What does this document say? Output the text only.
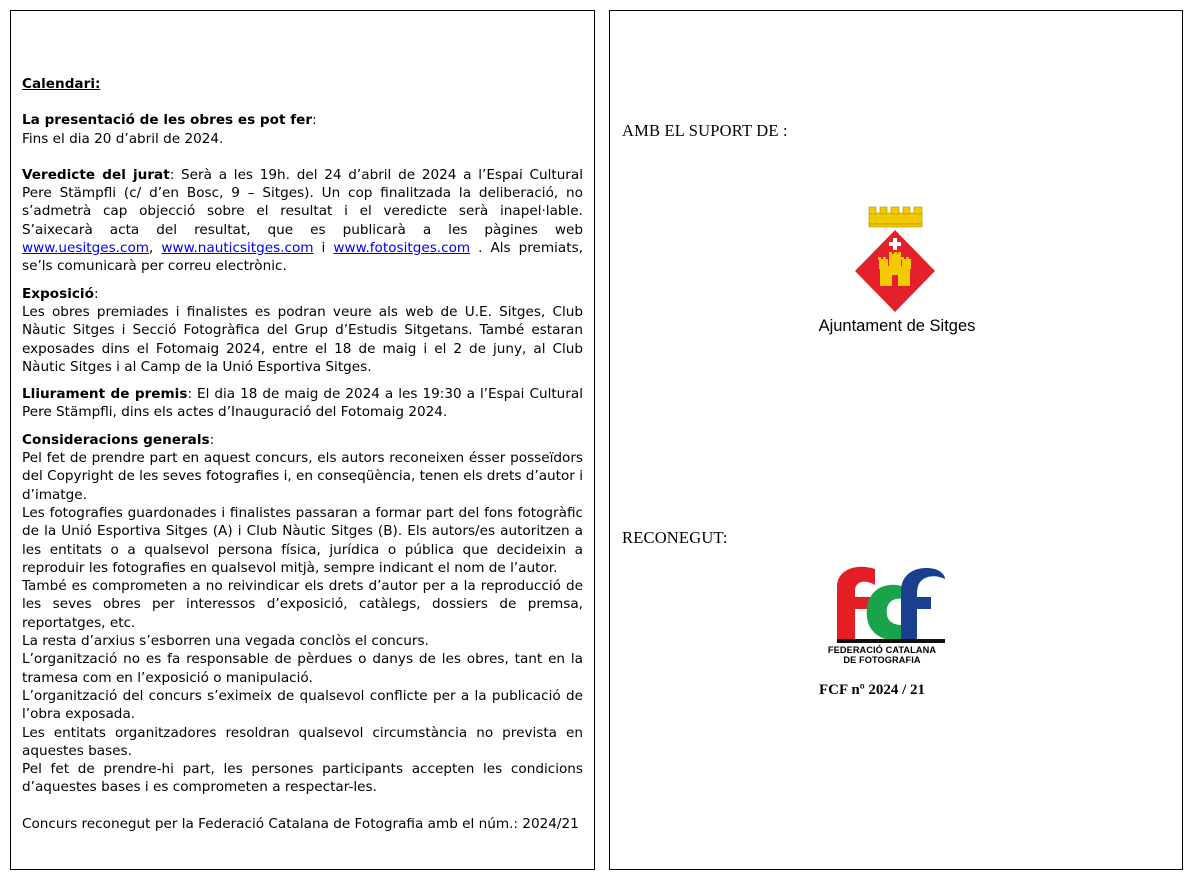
Calendari:

La presentació de les obres es pot fer:

Fins el dia 20 d’abril de 2024.

Veredicte del jurat: Serà a les 19h. del 24 d’abril de 2024 a l’Espai Cultural Pere Stämpfli (c/ d’en Bosc, 9 – Sitges). Un cop finalitzada la deliberació, no s’admetrà cap objecció sobre el resultat i el veredicte serà inapel·lable. S’aixecarà acta del resultat, que es publicarà a les pàgines web www.uesitges.com, www.nauticsitges.com i www.fotositges.com . Als premiats, se’ls comunicarà per correu electrònic.

Exposició:

Les obres premiades i finalistes es podran veure als web de U.E. Sitges, Club Nàutic Sitges i Secció Fotogràfica del Grup d’Estudis Sitgetans. També estaran exposades dins el Fotomaig 2024, entre el 18 de maig i el 2 de juny, al Club Nàutic Sitges i al Camp de la Unió Esportiva Sitges.

Lliurament de premis: El dia 18 de maig de 2024 a les 19:30 a l’Espai Cultural Pere Stämpfli, dins els actes d’Inauguració del Fotomaig 2024.

Consideracions generals:

Pel fet de prendre part en aquest concurs, els autors reconeixen ésser posseïdors del Copyright de les seves fotografies i, en conseqüència, tenen els drets d’autor i d’imatge.

Les fotografies guardonades i finalistes passaran a formar part del fons fotogràfic de la Unió Esportiva Sitges (A) i Club Nàutic Sitges (B). Els autors/es autoritzen a les entitats o a qualsevol persona física, jurídica o pública que decideixin a reproduir les fotografies en qualsevol mitjà, sempre indicant el nom de l’autor.

També es comprometen a no reivindicar els drets d’autor per a la reproducció de les seves obres per interessos d’exposició, catàlegs, dossiers de premsa, reportatges, etc.

La resta d’arxius s’esborren una vegada conclòs el concurs.

L’organització no es fa responsable de pèrdues o danys de les obres, tant en la tramesa com en l’exposició o manipulació.

L’organització del concurs s’eximeix de qualsevol conflicte per a la publicació de l’obra exposada.

Les entitats organitzadores resoldran qualsevol circumstància no prevista en aquestes bases.

Pel fet de prendre-hi part, les persones participants accepten les condicions d’aquestes bases i es comprometen a respectar-les.

Concurs reconegut per la Federació Catalana de Fotografia amb el núm.: 2024/21

AMB EL SUPORT DE :
Ajuntament de Sitges
RECONEGUT:
FEDERACIÓ CATALANA
DE FOTOGRAFIA
FCF nº 2024 / 21
